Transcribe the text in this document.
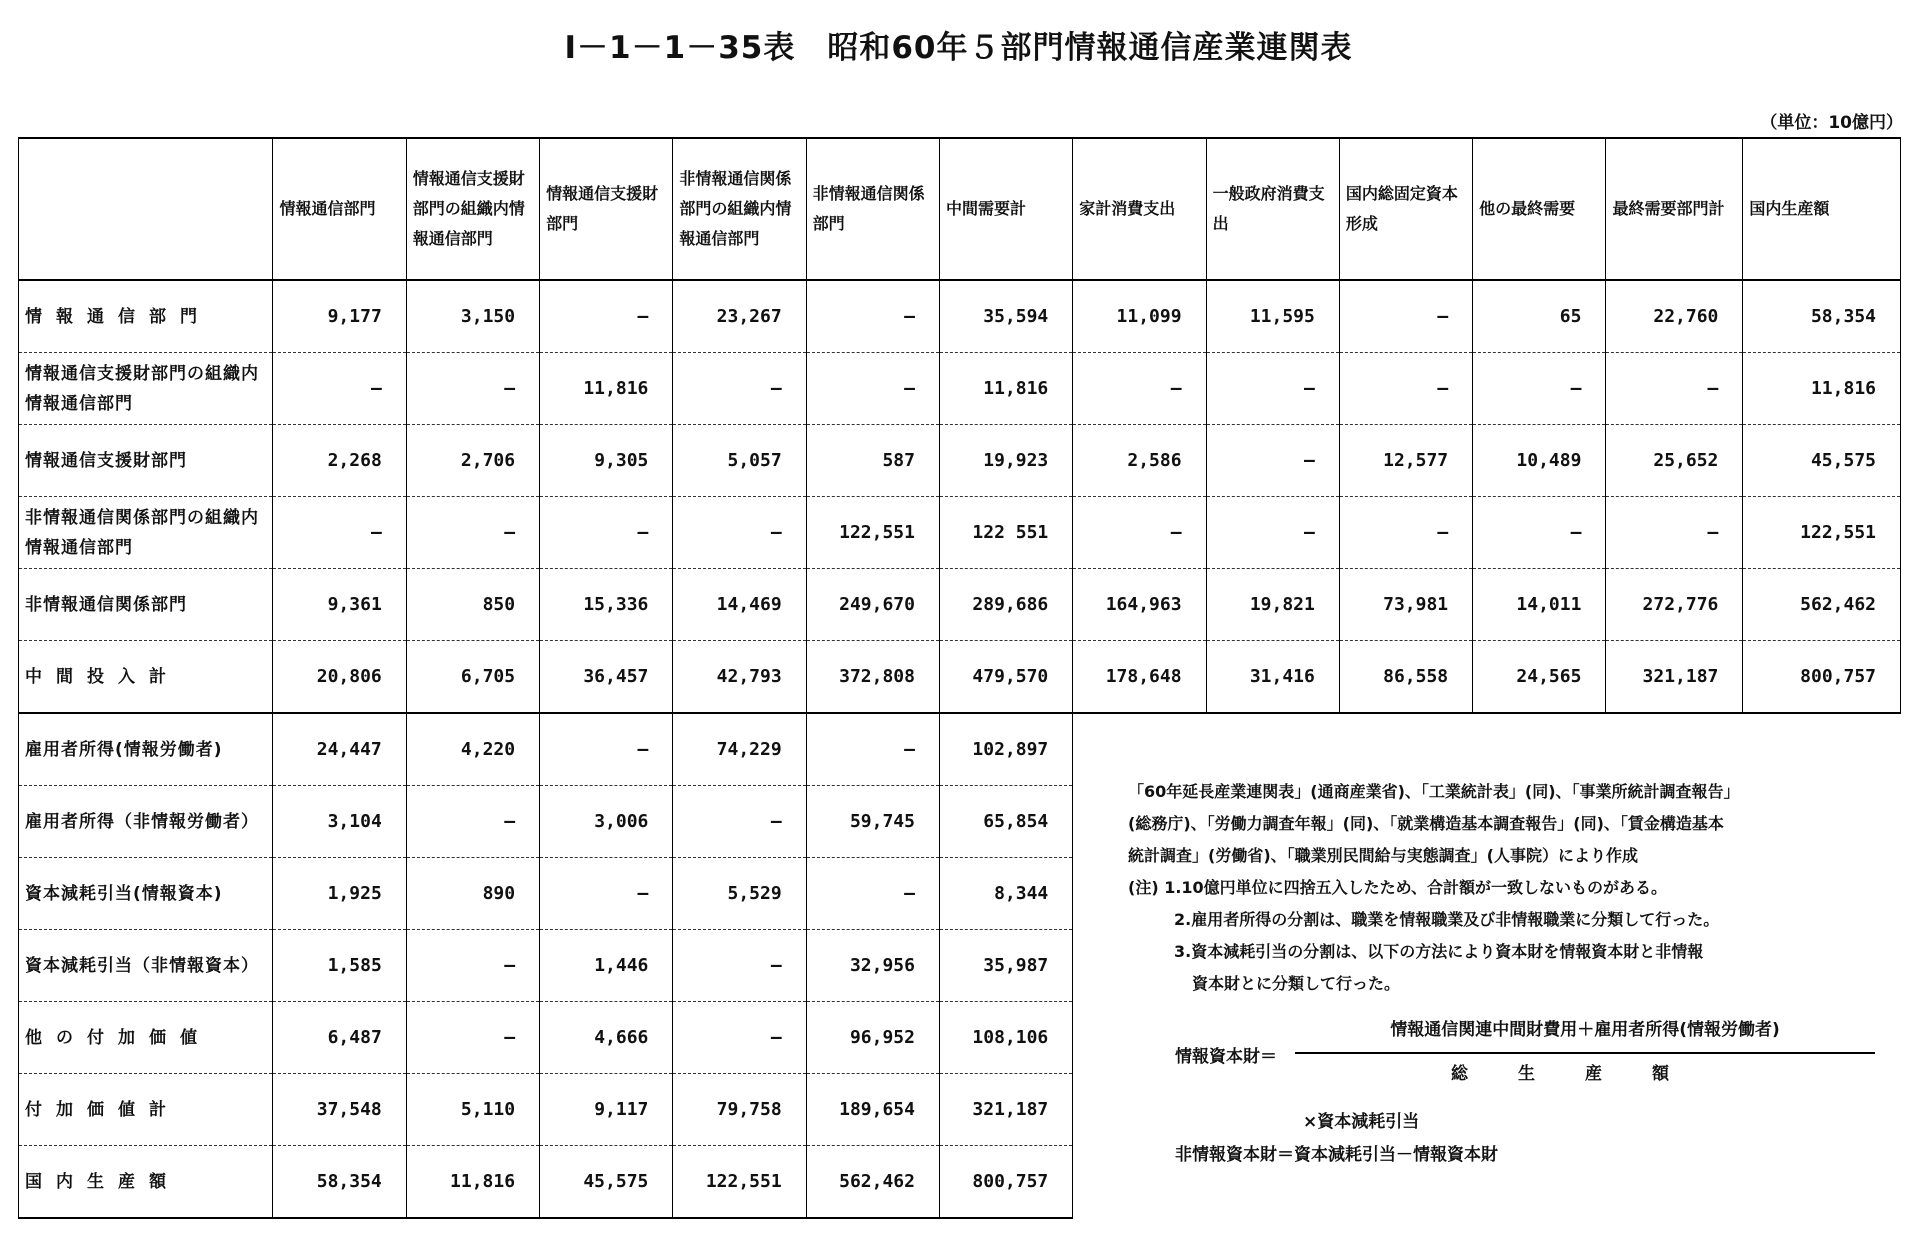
Ⅰ－1－1－35表　昭和60年５部門情報通信産業連関表
（単位：10億円）
	情報通信部門	情報通信支援財部門の組織内情報通信部門	情報通信支援財部門	非情報通信関係部門の組織内情報通信部門	非情報通信関係部門	中間需要計	家計消費支出	一般政府消費支出	国内総固定資本形成	他の最終需要	最終需要部門計	国内生産額
情報通信部門	9,177	3,150	—	23,267	—	35,594	11,099	11,595	—	65	22,760	58,354
情報通信支援財部門の組織内情報通信部門	—	—	11,816	—	—	11,816	—	—	—	—	—	11,816
情報通信支援財部門	2,268	2,706	9,305	5,057	587	19,923	2,586	—	12,577	10,489	25,652	45,575
非情報通信関係部門の組織内情報通信部門	—	—	—	—	122,551	122 551	—	—	—	—	—	122,551
非情報通信関係部門	9,361	850	15,336	14,469	249,670	289,686	164,963	19,821	73,981	14,011	272,776	562,462
中間投入計	20,806	6,705	36,457	42,793	372,808	479,570	178,648	31,416	86,558	24,565	321,187	800,757
雇用者所得(情報労働者)	24,447	4,220	—	74,229	—	102,897						
雇用者所得（非情報労働者）	3,104	—	3,006	—	59,745	65,854						
資本減耗引当(情報資本)	1,925	890	—	5,529	—	8,344						
資本減耗引当（非情報資本）	1,585	—	1,446	—	32,956	35,987						
他の付加価値	6,487	—	4,666	—	96,952	108,106						
付加価値計	37,548	5,110	9,117	79,758	189,654	321,187						
国内生産額	58,354	11,816	45,575	122,551	562,462	800,757						
「60年延長産業連関表」(通商産業省)、「工業統計表」(同)、「事業所統計調査報告」
(総務庁)、「労働力調査年報」(同)、「就業構造基本調査報告」(同)、「賃金構造基本
統計調査」(労働省)、「職業別民間給与実態調査」(人事院）により作成
(注) 1.10億円単位に四捨五入したため、合計額が一致しないものがある。
2.雇用者所得の分割は、職業を情報職業及び非情報職業に分類して行った。
3.資本減耗引当の分割は、以下の方法により資本財を情報資本財と非情報
資本財とに分類して行った。
情報資本財＝
情報通信関連中間財費用＋雇用者所得(情報労働者)
総生産額
×資本減耗引当
非情報資本財＝資本減耗引当－情報資本財
